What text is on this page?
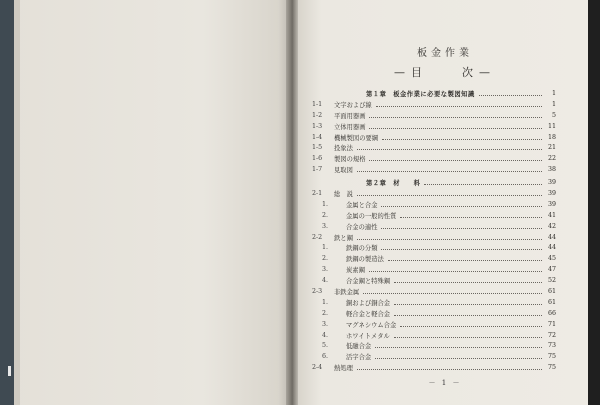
板金作業
—目　　次—
第１章　板金作業に必要な製図知識	1
1-1	文字および線	1
1-2	平面用器画	5
1-3	立体用器画	11
1-4	機械製図の要綱	18
1-5	投象法	21
1-6	製図の規格	22
1-7	見取図	38
第２章　材　　料	39
2-1	総　説	39
1.	金属と合金	39
2.	金属の一般的性質	41
3.	合金の適性	42
2-2	鉄と鋼	44
1.	鉄鋼の分類	44
2.	鉄鋼の製造法	45
3.	炭素鋼	47
4.	合金鋼と特殊鋼	52
2-3	非鉄金属	61
1.	銅および銅合金	61
2.	軽合金と軽合金	66
3.	マグネシウム合金	71
4.	ホワイトメタル	72
5.	低融合金	73
6.	活字合金	75
2-4	熱処理	75
－ 1 －
